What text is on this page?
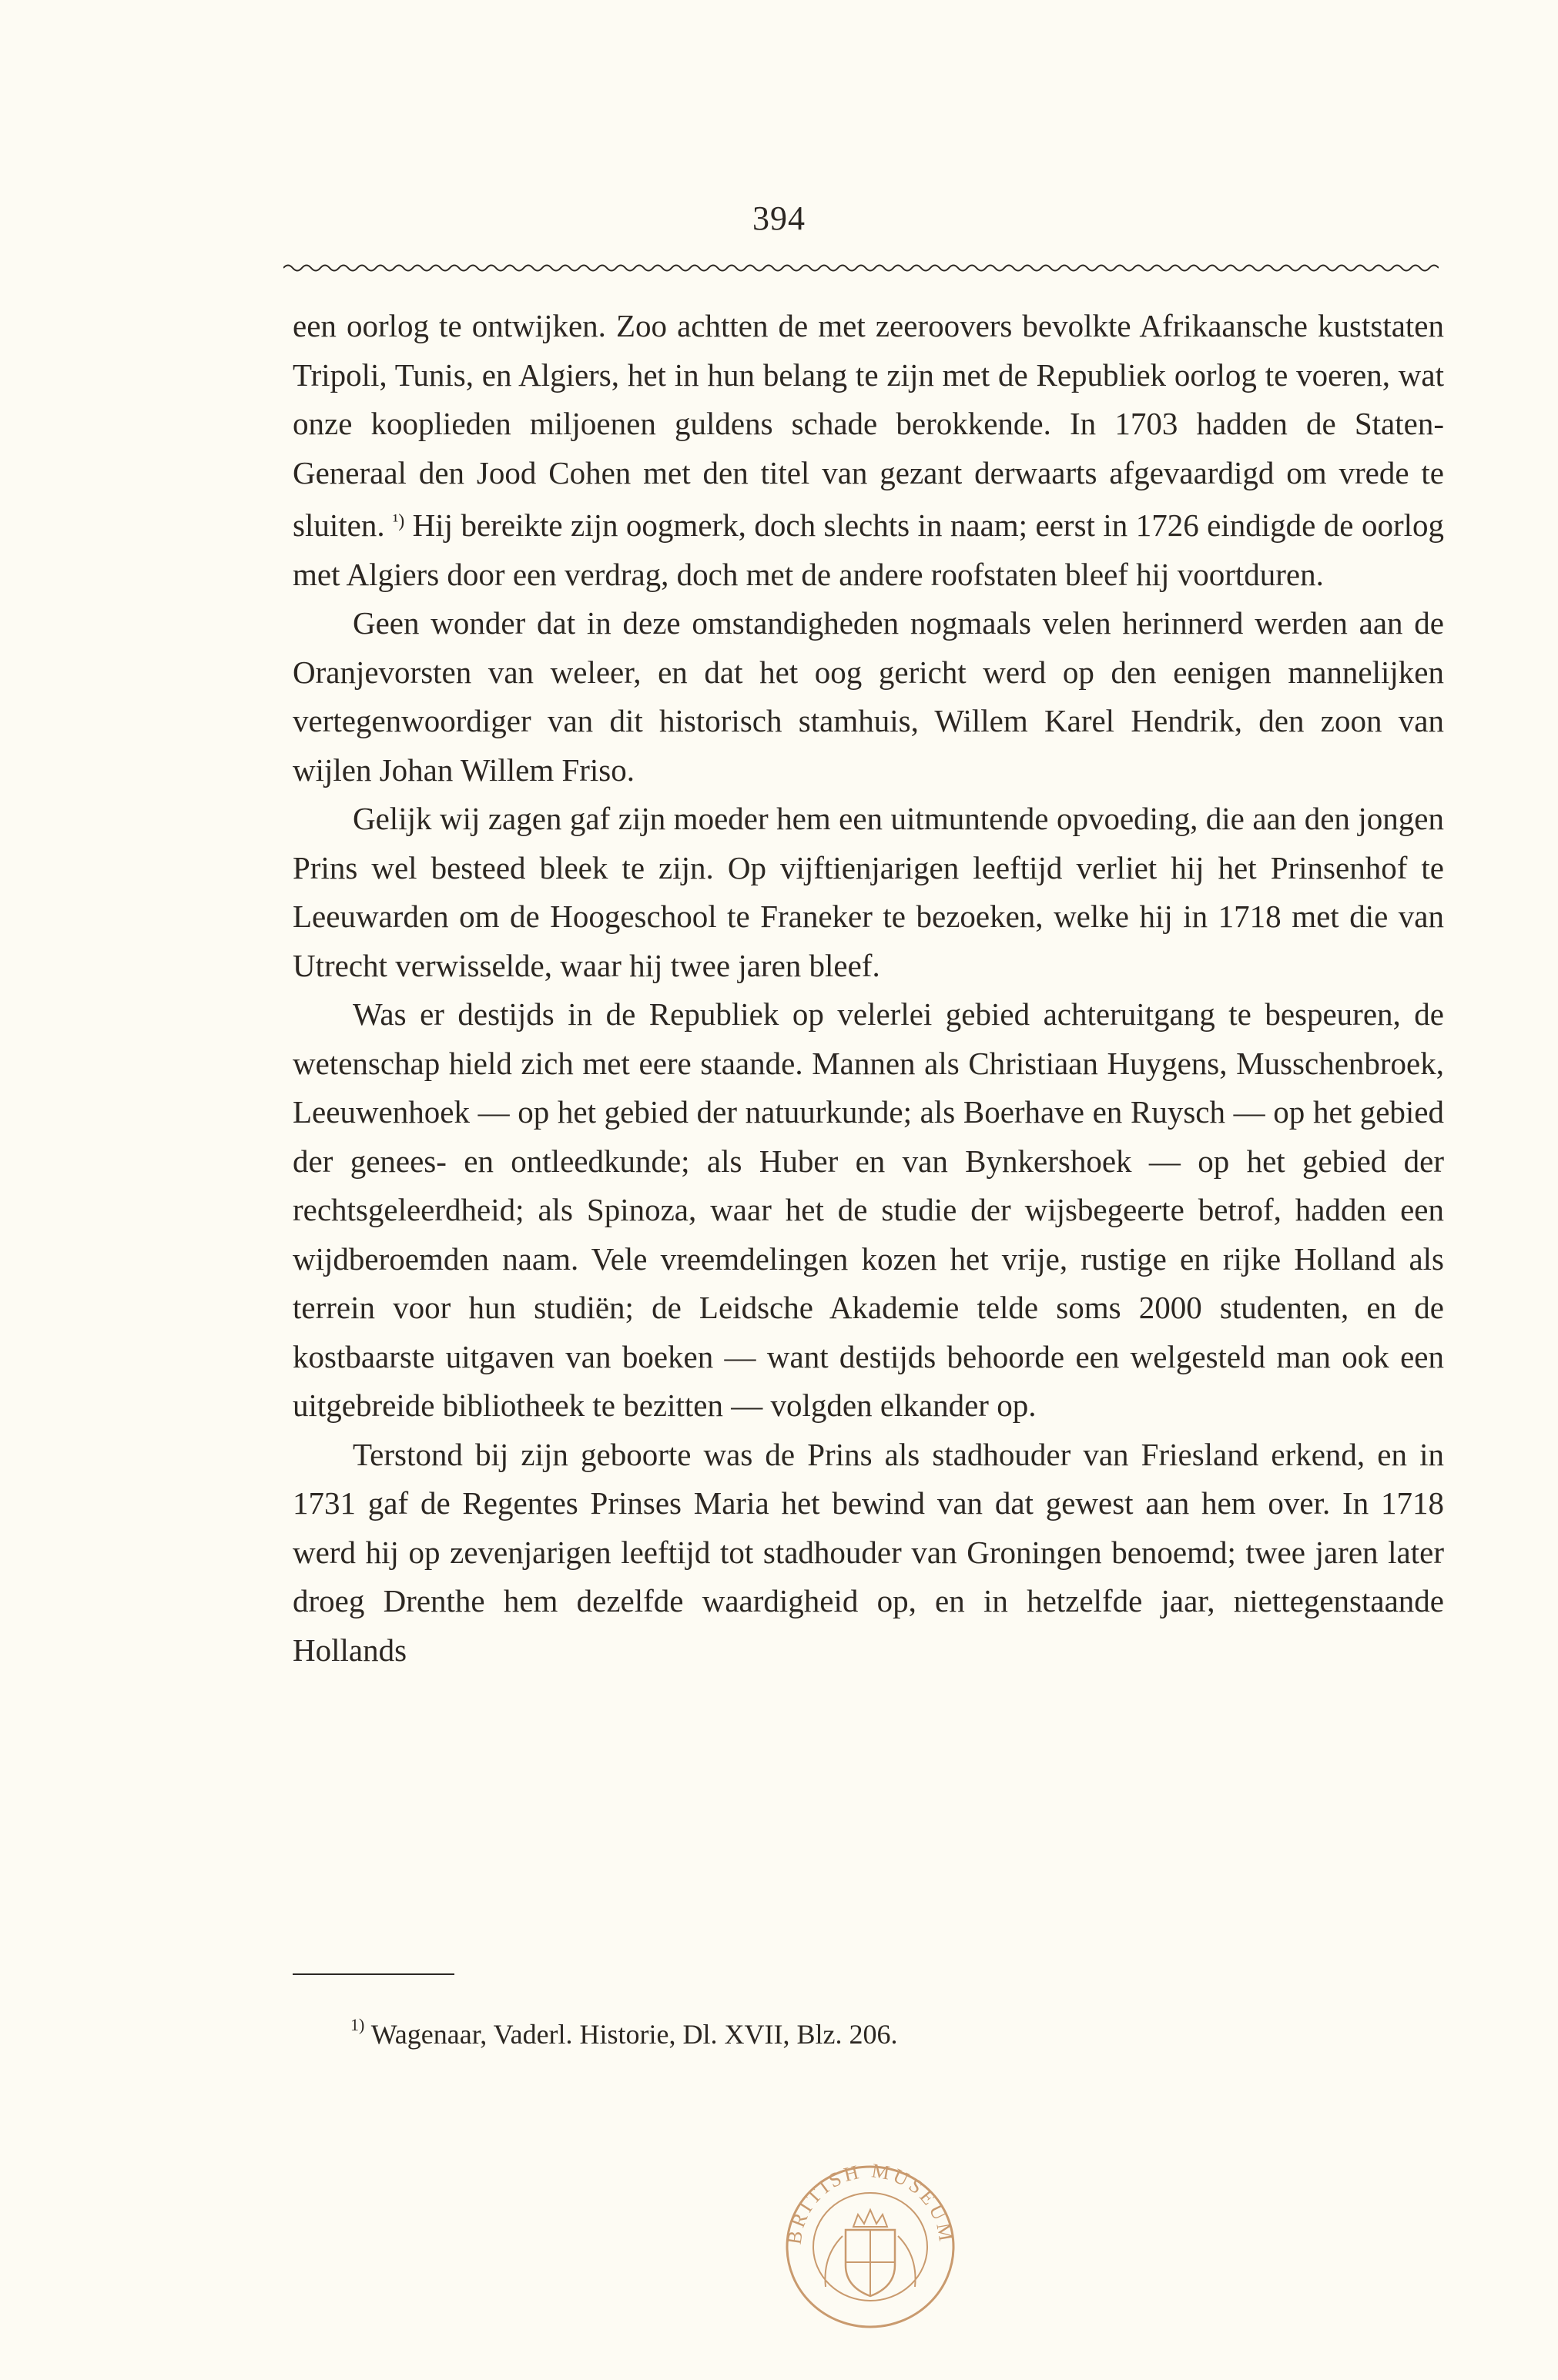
394

een oorlog te ontwijken. Zoo achtten de met zeeroovers bevolkte Afrikaansche kuststaten Tripoli, Tunis, en Algiers, het in hun belang te zijn met de Republiek oorlog te voeren, wat onze kooplieden miljoenen guldens schade berokkende. In 1703 hadden de Staten-Generaal den Jood Cohen met den titel van gezant derwaarts afgevaardigd om vrede te sluiten. $^{^1)}$ Hij bereikte zijn oogmerk, doch slechts in naam; eerst in 1726 eindigde de oorlog met Algiers door een verdrag, doch met de andere roofstaten bleef hij voortduren.

Geen wonder dat in deze omstandigheden nogmaals velen herinnerd werden aan de Oranjevorsten van weleer, en dat het oog gericht werd op den eenigen mannelijken vertegenwoordiger van dit historisch stamhuis, Willem Karel Hendrik, den zoon van wijlen Johan Willem Friso.

Gelijk wij zagen gaf zijn moeder hem een uitmuntende opvoeding, die aan den jongen Prins wel besteed bleek te zijn. Op vijftienjarigen leeftijd verliet hij het Prinsenhof te Leeuwarden om de Hoogeschool te Franeker te bezoeken, welke hij in 1718 met die van Utrecht verwisselde, waar hij twee jaren bleef.

Was er destijds in de Republiek op velerlei gebied achteruitgang te bespeuren, de wetenschap hield zich met eere staande. Mannen als Christiaan Huygens, Musschenbroek, Leeuwenhoek — op het gebied der natuurkunde; als Boerhave en Ruysch — op het gebied der genees- en ontleedkunde; als Huber en van Bynkershoek — op het gebied der rechtsgeleerdheid; als Spinoza, waar het de studie der wijsbegeerte betrof, hadden een wijdberoemden naam. Vele vreemdelingen kozen het vrije, rustige en rijke Holland als terrein voor hun studiën; de Leidsche Akademie telde soms 2000 studenten, en de kostbaarste uitgaven van boeken — want destijds behoorde een welgesteld man ook een uitgebreide bibliotheek te bezitten — volgden elkander op.

Terstond bij zijn geboorte was de Prins als stadhouder van Friesland erkend, en in 1731 gaf de Regentes Prinses Maria het bewind van dat gewest aan hem over. In 1718 werd hij op zevenjarigen leeftijd tot stadhouder van Groningen benoemd; twee jaren later droeg Drenthe hem dezelfde waardigheid op, en in hetzelfde jaar, niettegenstaande Hollands

$^{1)}$ Wagenaar, Vaderl. Historie, Dl. XVII, Blz. 206.
BRITISH MUSEUM
